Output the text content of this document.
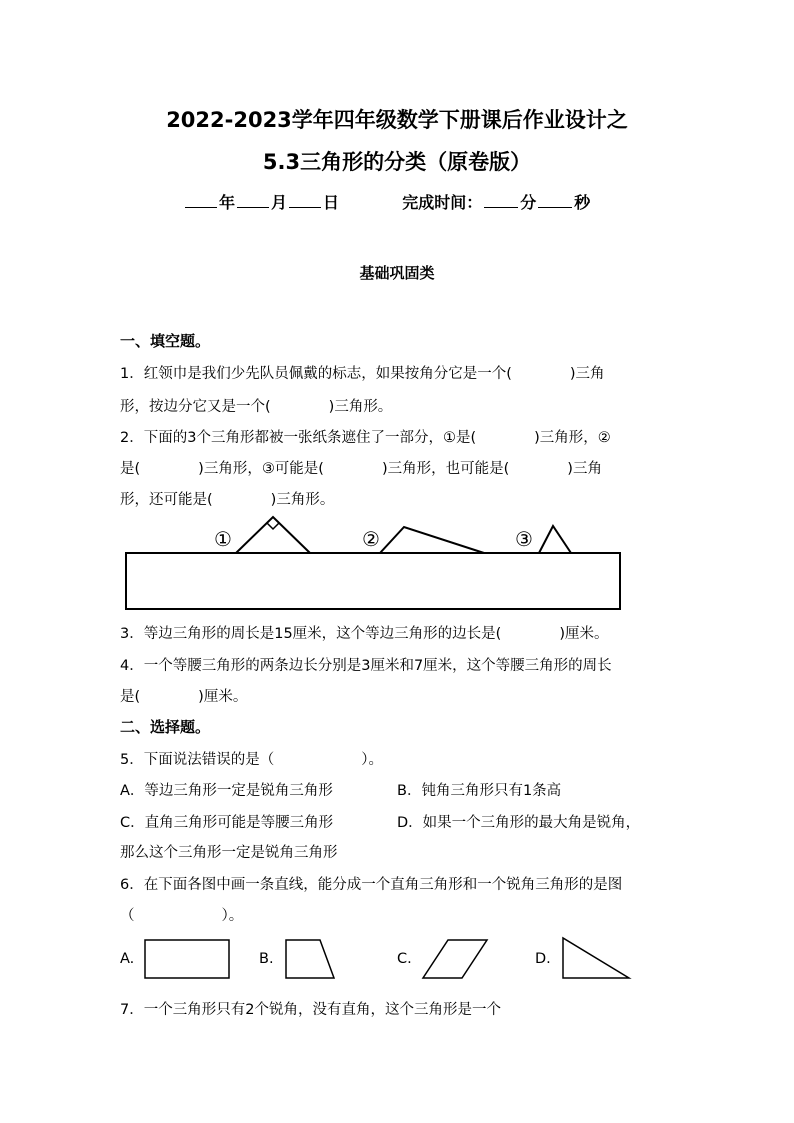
2022-2023学年四年级数学下册课后作业设计之
5.3三角形的分类（原卷版）
年 月 日	完成时间： 分 秒
基础巩固类
一、填空题。
1．红领巾是我们少先队员佩戴的标志，如果按角分它是一个(　　　　)三角
形，按边分它又是一个(　　　　)三角形。
2．下面的3个三角形都被一张纸条遮住了一部分，①是(　　　　)三角形，②
是(　　　　)三角形，③可能是(　　　　)三角形，也可能是(　　　　)三角
形，还可能是(　　　　)三角形。
①	②	③
3．等边三角形的周长是15厘米，这个等边三角形的边长是(　　　　)厘米。
4．一个等腰三角形的两条边长分别是3厘米和7厘米，这个等腰三角形的周长
是(　　　　)厘米。
二、选择题。
5．下面说法错误的是（　　　　　　）。
A．等边三角形一定是锐角三角形	B．钝角三角形只有1条高
C．直角三角形可能是等腰三角形	D．如果一个三角形的最大角是锐角，
那么这个三角形一定是锐角三角形
6．在下面各图中画一条直线，能分成一个直角三角形和一个锐角三角形的是图
（　　　　　　）。
A.	B.	C.	D.
7．一个三角形只有2个锐角，没有直角，这个三角形是一个
